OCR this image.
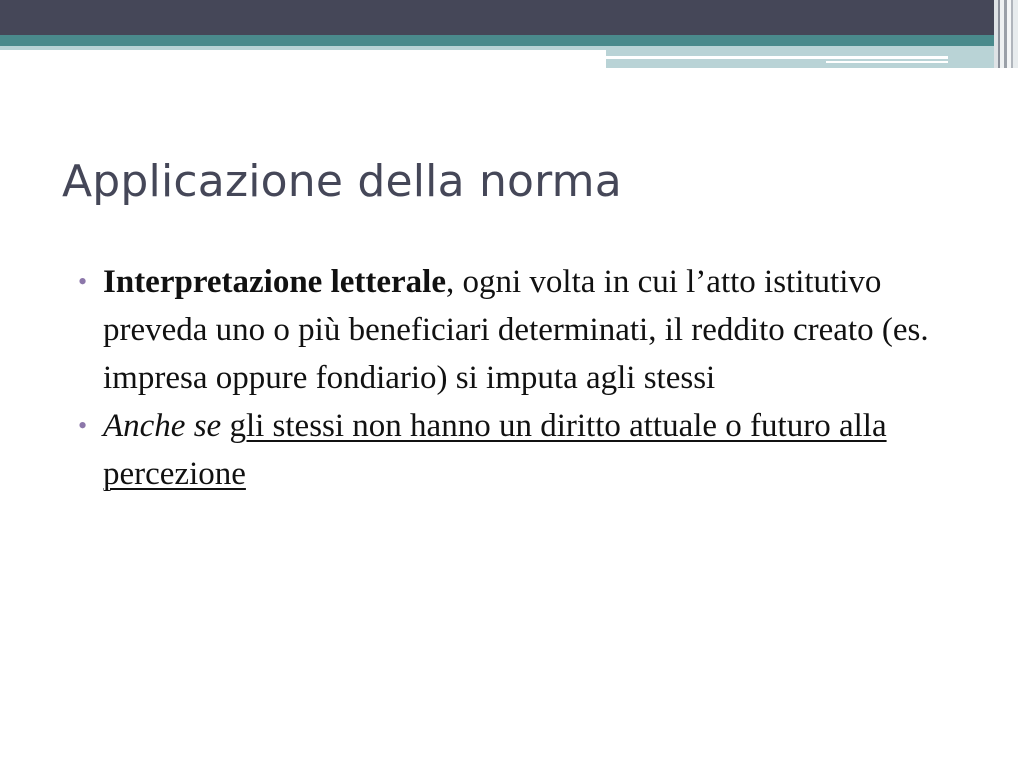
Applicazione della norma
• Interpretazione letterale, ogni volta in cui l’atto istitutivo preveda uno o più beneficiari determinati, il reddito creato (es. impresa oppure fondiario) si imputa agli stessi
• Anche se gli stessi non hanno un diritto attuale o futuro alla percezione
